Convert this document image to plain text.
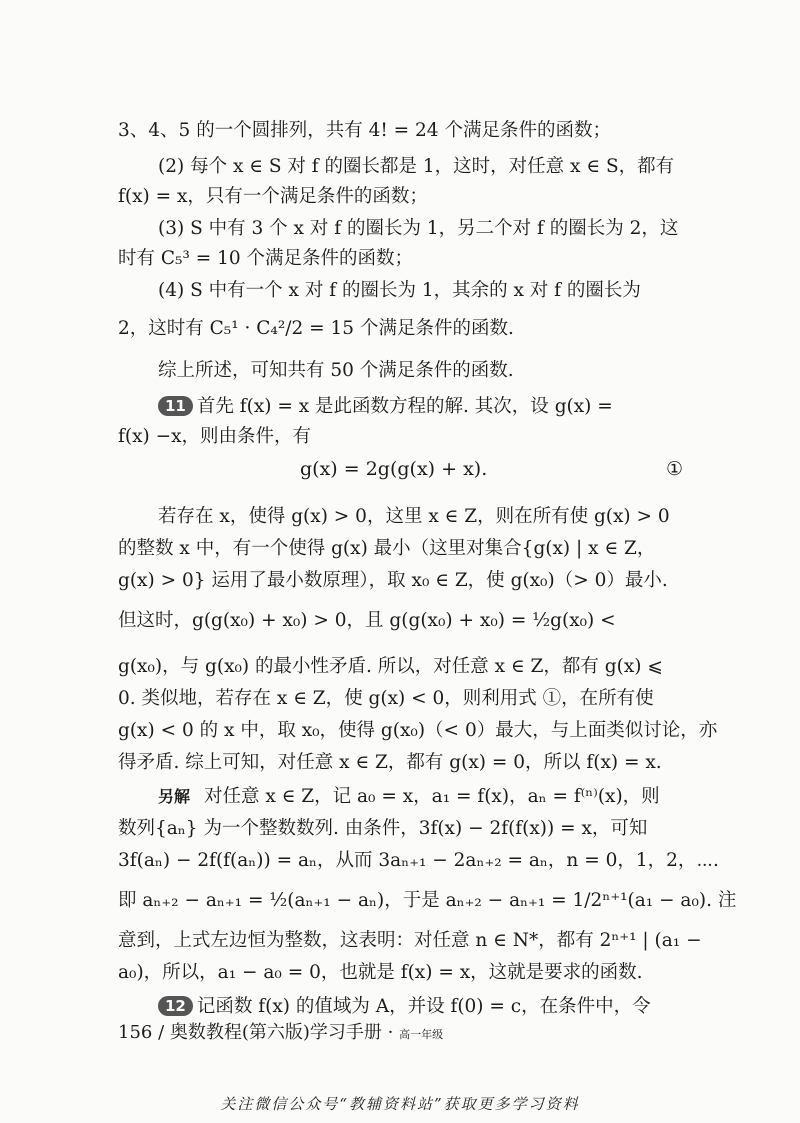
3、4、5 的一个圆排列，共有 4! = 24 个满足条件的函数；
(2) 每个 x ∈ S 对 f 的圈长都是 1，这时，对任意 x ∈ S，都有
f(x) = x，只有一个满足条件的函数；
(3) S 中有 3 个 x 对 f 的圈长为 1，另二个对 f 的圈长为 2，这
时有 C₅³ = 10 个满足条件的函数；
(4) S 中有一个 x 对 f 的圈长为 1，其余的 x 对 f 的圈长为
2，这时有 C₅¹ · C₄²/2 = 15 个满足条件的函数.
综上所述，可知共有 50 个满足条件的函数.
11 首先 f(x) = x 是此函数方程的解. 其次，设 g(x) =
f(x) −x，则由条件，有
g(x) = 2g(g(x) + x).	①
若存在 x，使得 g(x) > 0，这里 x ∈ Z，则在所有使 g(x) > 0
的整数 x 中，有一个使得 g(x) 最小（这里对集合{g(x) | x ∈ Z，
g(x) > 0} 运用了最小数原理），取 x₀ ∈ Z，使 g(x₀)（> 0）最小.
但这时，g(g(x₀) + x₀) > 0，且 g(g(x₀) + x₀) = ½g(x₀) <
g(x₀)，与 g(x₀) 的最小性矛盾. 所以，对任意 x ∈ Z，都有 g(x) ⩽
0. 类似地，若存在 x ∈ Z，使 g(x) < 0，则利用式 ①，在所有使
g(x) < 0 的 x 中，取 x₀，使得 g(x₀)（< 0）最大，与上面类似讨论，亦
得矛盾. 综上可知，对任意 x ∈ Z，都有 g(x) = 0，所以 f(x) = x.
另解 对任意 x ∈ Z，记 a₀ = x，a₁ = f(x)，aₙ = f⁽ⁿ⁾(x)，则
数列{aₙ} 为一个整数数列. 由条件，3f(x) − 2f(f(x)) = x，可知
3f(aₙ) − 2f(f(aₙ)) = aₙ，从而 3aₙ₊₁ − 2aₙ₊₂ = aₙ，n = 0，1，2，⋯.
即 aₙ₊₂ − aₙ₊₁ = ½(aₙ₊₁ − aₙ)，于是 aₙ₊₂ − aₙ₊₁ = 1/2ⁿ⁺¹(a₁ − a₀). 注
意到，上式左边恒为整数，这表明：对任意 n ∈ N*，都有 2ⁿ⁺¹ | (a₁ −
a₀)，所以，a₁ − a₀ = 0，也就是 f(x) = x，这就是要求的函数.
12 记函数 f(x) 的值域为 A，并设 f(0) = c，在条件中，令
156 / 奥数教程(第六版)学习手册 · 高一年级
关注微信公众号“教辅资料站”获取更多学习资料
